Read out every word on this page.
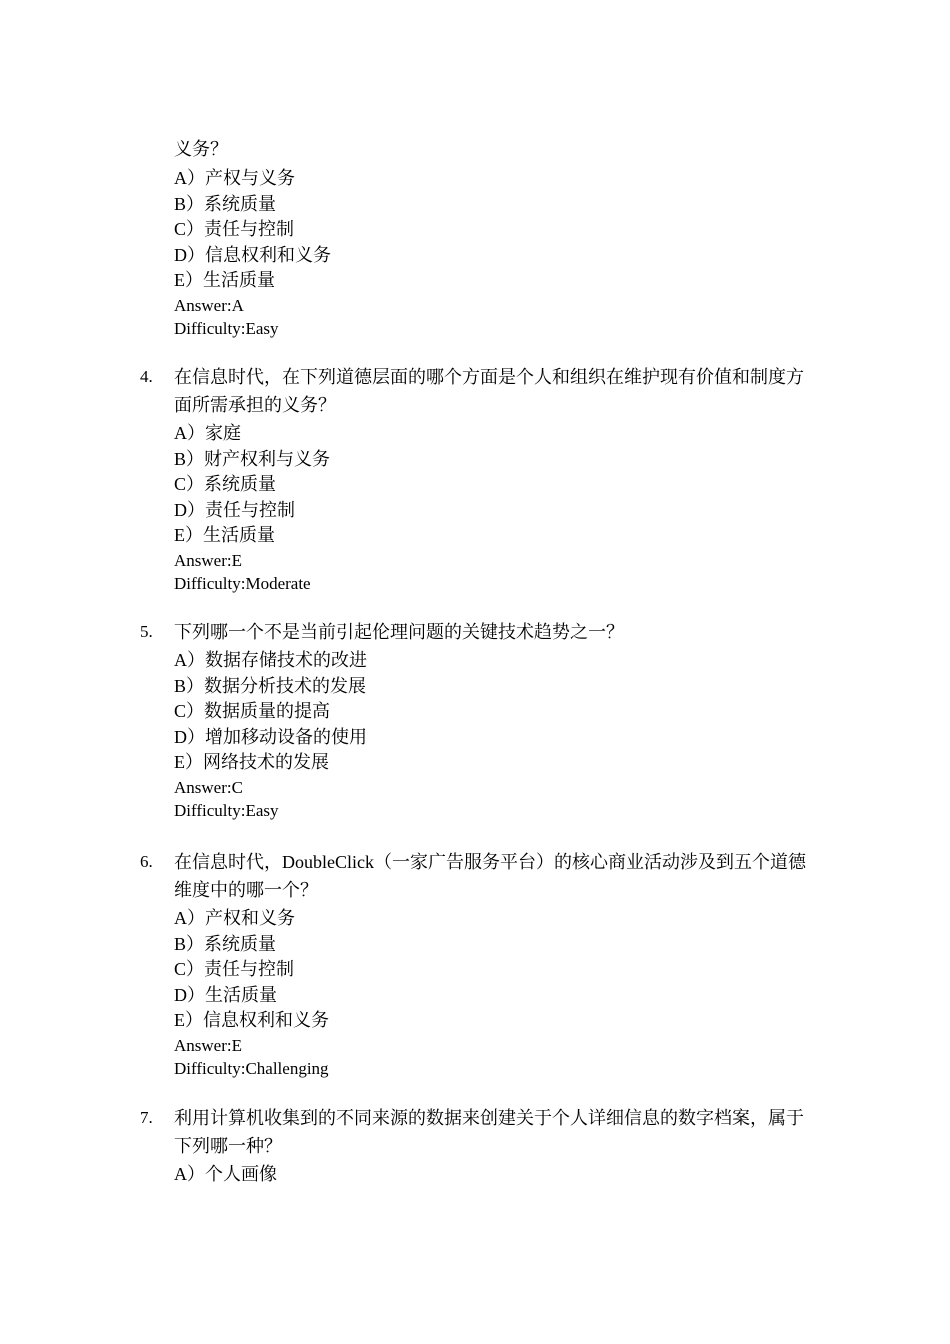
义务？
A）产权与义务
B）系统质量
C）责任与控制
D）信息权利和义务
E）生活质量
Answer:A
Difficulty:Easy
4. 在信息时代，在下列道德层面的哪个方面是个人和组织在维护现有价值和制度方面所需承担的义务？
A）家庭
B）财产权利与义务
C）系统质量
D）责任与控制
E）生活质量
Answer:E
Difficulty:Moderate
5. 下列哪一个不是当前引起伦理问题的关键技术趋势之一？
A）数据存储技术的改进
B）数据分析技术的发展
C）数据质量的提高
D）增加移动设备的使用
E）网络技术的发展
Answer:C
Difficulty:Easy
6. 在信息时代，DoubleClick（一家广告服务平台）的核心商业活动涉及到五个道德维度中的哪一个？
A）产权和义务
B）系统质量
C）责任与控制
D）生活质量
E）信息权利和义务
Answer:E
Difficulty:Challenging
7. 利用计算机收集到的不同来源的数据来创建关于个人详细信息的数字档案，属于下列哪一种？
A）个人画像
